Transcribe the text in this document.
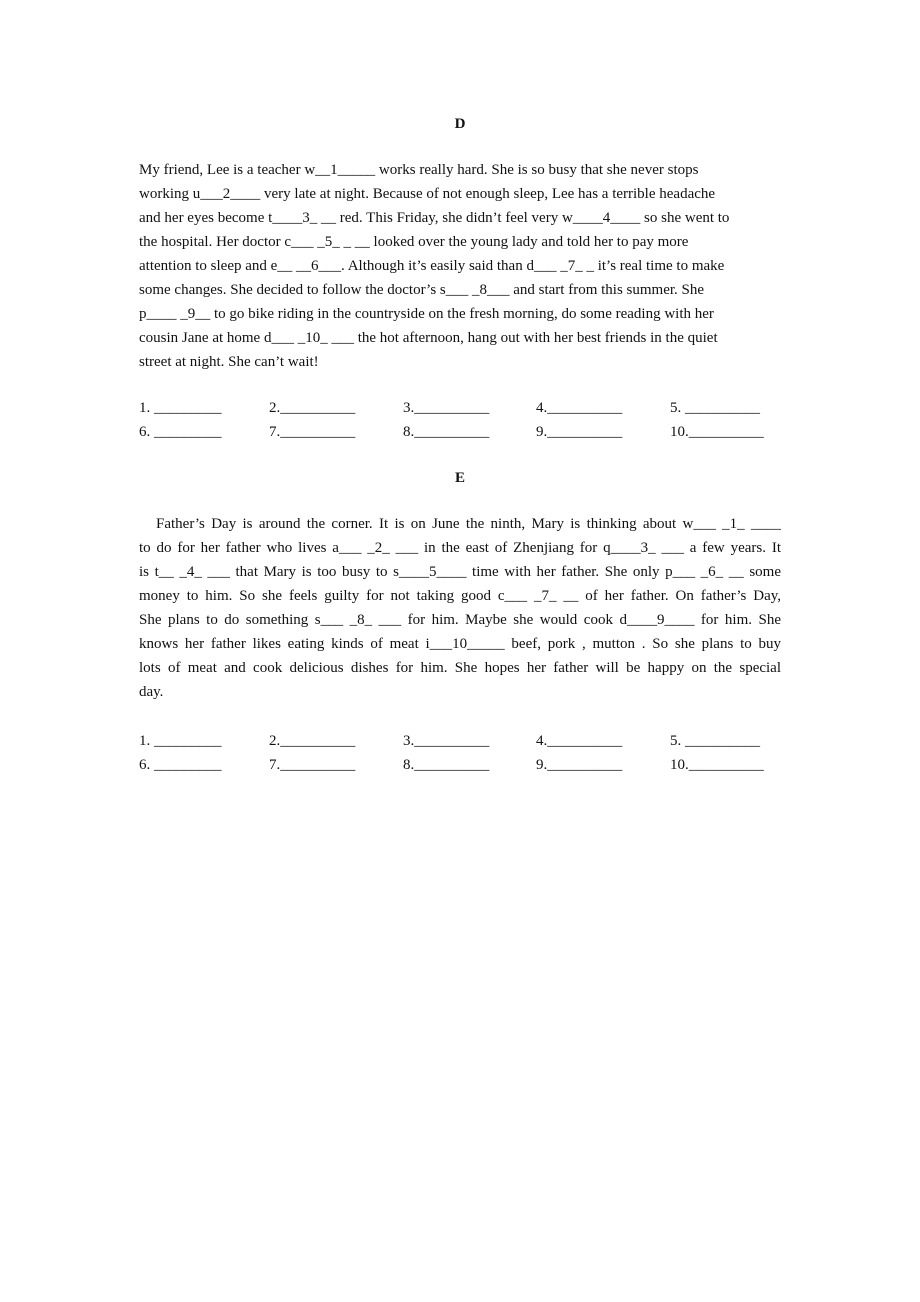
D
My friend, Lee is a teacher w__1_____ works really hard. She is so busy that she never stops
working u___2____ very late at night. Because of not enough sleep, Lee has a terrible headache
and her eyes become t____3_ __ red. This Friday, she didn’t feel very w____4____ so she went to
the hospital. Her doctor c___ _5_ _ __ looked over the young lady and told her to pay more
attention to sleep and e__ __6___. Although it’s easily said than d___ _7_ _ it’s real time to make
some changes. She decided to follow the doctor’s s___ _8___ and start from this summer. She
p____ _9__ to go bike riding in the countryside on the fresh morning, do some reading with her
cousin Jane at home d___ _10_ ___ the hot afternoon, hang out with her best friends in the quiet
street at night. She can’t wait!
1. _________	2.__________	3.__________	4.__________	5. __________
6. _________	7.__________	8.__________	9.__________	10.__________
E
Father’s Day is around the corner. It is on June the ninth, Mary is thinking about w___ _1_ ____
to do for her father who lives a___ _2_ ___ in the east of Zhenjiang for q____3_ ___ a few years. It
is t__ _4_ ___ that Mary is too busy to s____5____ time with her father. She only p___ _6_ __ some
money to him. So she feels guilty for not taking good c___ _7_ __ of her father. On father’s Day,
She plans to do something s___ _8_ ___ for him. Maybe she would cook d____9____ for him. She
knows her father likes eating kinds of meat i___10_____ beef, pork , mutton . So she plans to buy
lots of meat and cook delicious dishes for him. She hopes her father will be happy on the special
day.
1. _________	2.__________	3.__________	4.__________	5. __________
6. _________	7.__________	8.__________	9.__________	10.__________
